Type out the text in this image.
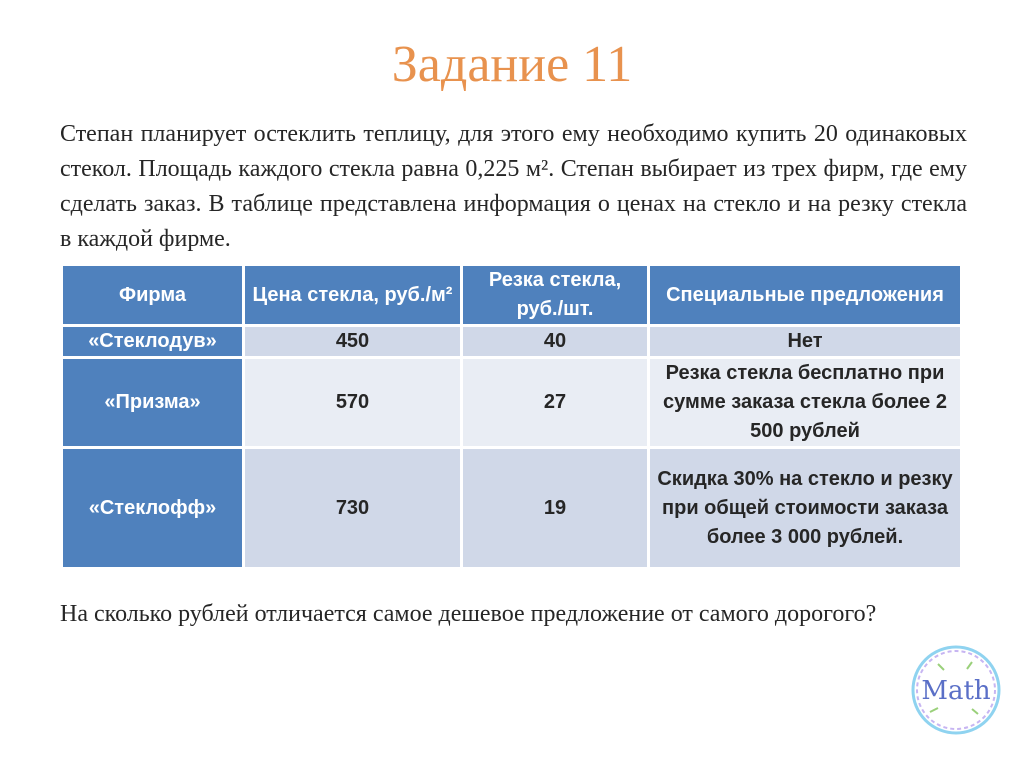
Задание 11
Степан планирует остеклить теплицу, для этого ему необходимо купить 20 одинаковых стекол. Площадь каждого стекла равна 0,225 м². Степан выбирает из трех фирм, где ему сделать заказ. В таблице представлена информация о ценах на стекло и на резку стекла в каждой фирме.
Фирма	Цена стекла, руб./м²	Резка стекла, руб./шт.	Специальные предложения
«Стеклодув»	450	40	Нет
«Призма»	570	27	Резка стекла бесплатно при сумме заказа стекла более 2 500 рублей
«Стеклофф»	730	19	Скидка 30% на стекло и резку при общей стоимости заказа более 3 000 рублей.
На сколько рублей отличается самое дешевое предложение от самого дорогого?
Math
